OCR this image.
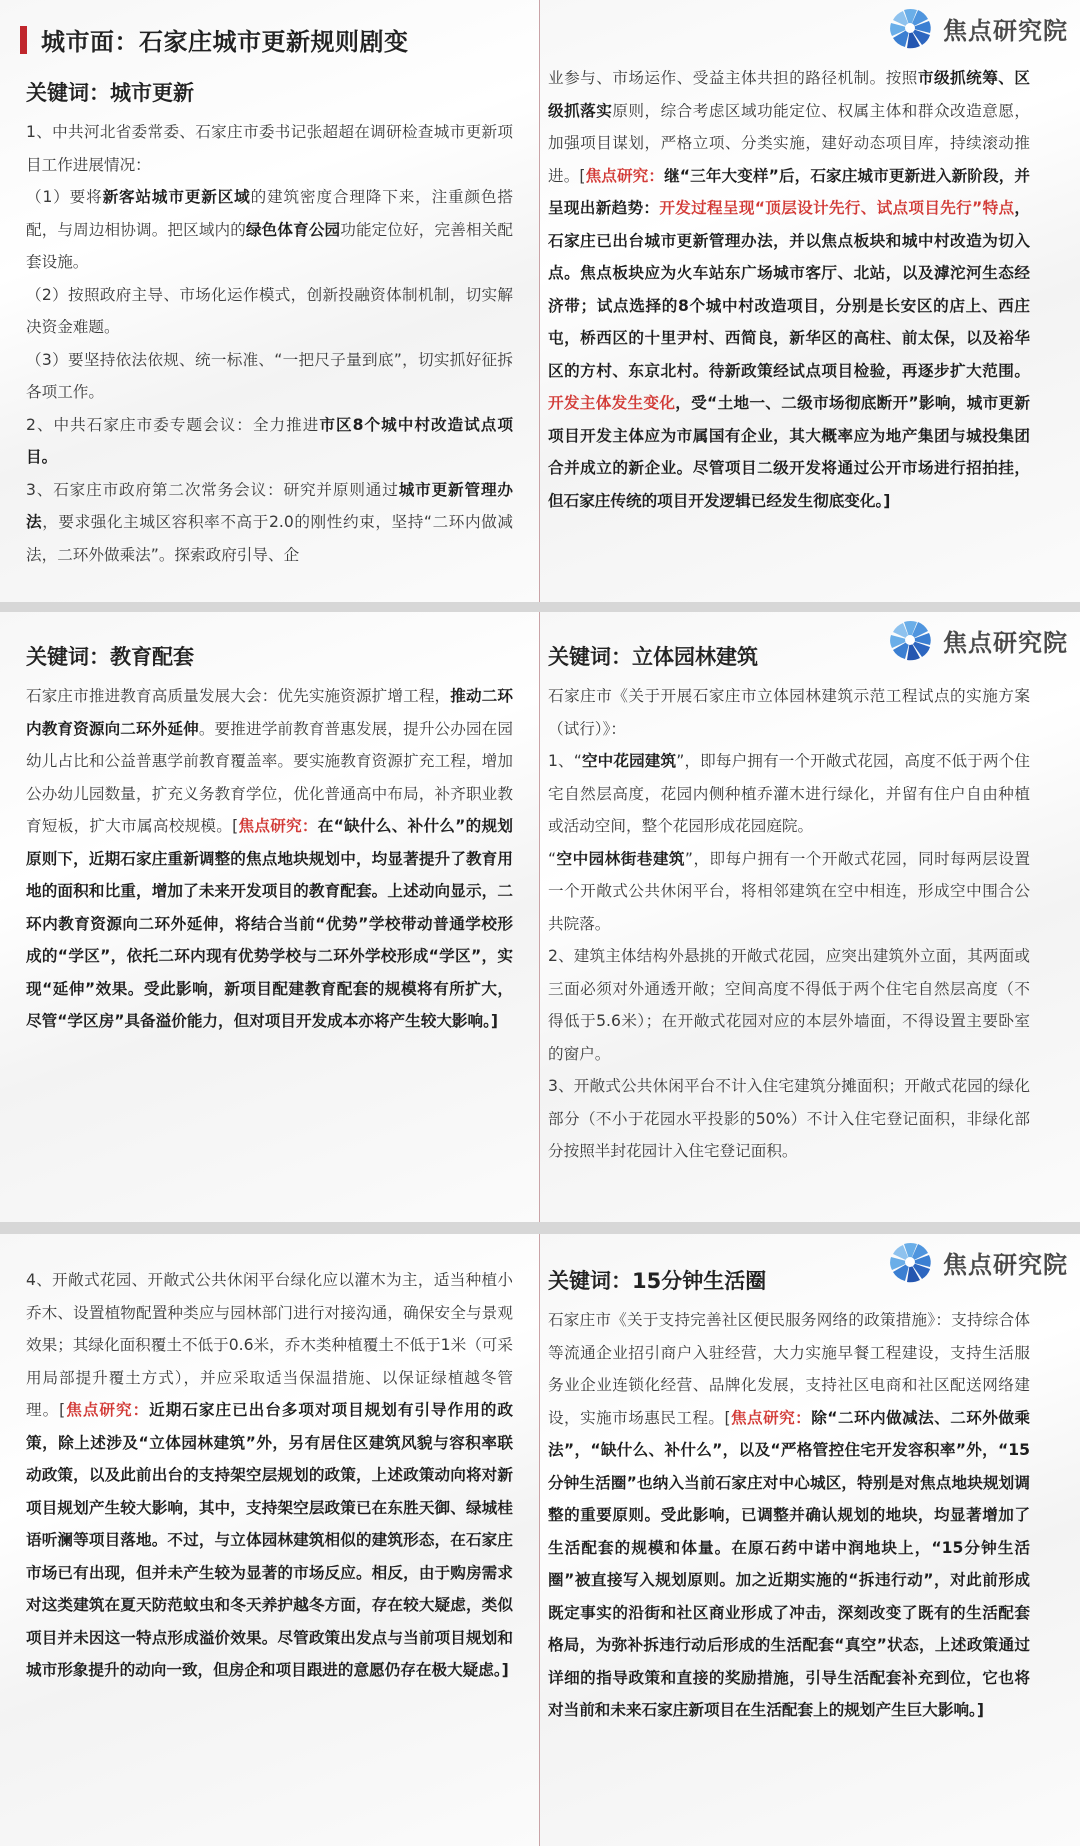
城市面：石家庄城市更新规则剧变
关键词：城市更新
1、中共河北省委常委、石家庄市委书记张超超在调研检查城市更新项目工作进展情况：
（1）要将新客站城市更新区域的建筑密度合理降下来，注重颜色搭配，与周边相协调。把区域内的绿色体育公园功能定位好，完善相关配套设施。
（2）按照政府主导、市场化运作模式，创新投融资体制机制，切实解决资金难题。
（3）要坚持依法依规、统一标准、“一把尺子量到底”，切实抓好征拆各项工作。
2、中共石家庄市委专题会议：全力推进市区8个城中村改造试点项目。
3、石家庄市政府第二次常务会议：研究并原则通过城市更新管理办法，要求强化主城区容积率不高于2.0的刚性约束，坚持“二环内做减法，二环外做乘法”。探索政府引导、企
焦点研究院
业参与、市场运作、受益主体共担的路径机制。按照市级抓统筹、区级抓落实原则，综合考虑区域功能定位、权属主体和群众改造意愿，加强项目谋划，严格立项、分类实施，建好动态项目库，持续滚动推进。[焦点研究：继“三年大变样”后，石家庄城市更新进入新阶段，并呈现出新趋势：开发过程呈现“顶层设计先行、试点项目先行”特点，石家庄已出台城市更新管理办法，并以焦点板块和城中村改造为切入点。焦点板块应为火车站东广场城市客厅、北站，以及滹沱河生态经济带；试点选择的8个城中村改造项目，分别是长安区的店上、西庄屯，桥西区的十里尹村、西简良，新华区的高柱、前太保，以及裕华区的方村、东京北村。待新政策经试点项目检验，再逐步扩大范围。开发主体发生变化，受“土地一、二级市场彻底断开”影响，城市更新项目开发主体应为市属国有企业，其大概率应为地产集团与城投集团合并成立的新企业。尽管项目二级开发将通过公开市场进行招拍挂，但石家庄传统的项目开发逻辑已经发生彻底变化。]
关键词：教育配套
石家庄市推进教育高质量发展大会：优先实施资源扩增工程，推动二环内教育资源向二环外延伸。要推进学前教育普惠发展，提升公办园在园幼儿占比和公益普惠学前教育覆盖率。要实施教育资源扩充工程，增加公办幼儿园数量，扩充义务教育学位，优化普通高中布局，补齐职业教育短板，扩大市属高校规模。[焦点研究：在“缺什么、补什么”的规划原则下，近期石家庄重新调整的焦点地块规划中，均显著提升了教育用地的面积和比重，增加了未来开发项目的教育配套。上述动向显示，二环内教育资源向二环外延伸，将结合当前“优势”学校带动普通学校形成的“学区”，依托二环内现有优势学校与二环外学校形成“学区”，实现“延伸”效果。受此影响，新项目配建教育配套的规模将有所扩大，尽管“学区房”具备溢价能力，但对项目开发成本亦将产生较大影响。]
焦点研究院
关键词：立体园林建筑
石家庄市《关于开展石家庄市立体园林建筑示范工程试点的实施方案（试行）》：
1、“空中花园建筑”，即每户拥有一个开敞式花园，高度不低于两个住宅自然层高度，花园内侧种植乔灌木进行绿化，并留有住户自由种植或活动空间，整个花园形成花园庭院。
“空中园林街巷建筑”，即每户拥有一个开敞式花园，同时每两层设置一个开敞式公共休闲平台，将相邻建筑在空中相连，形成空中围合公共院落。
2、建筑主体结构外悬挑的开敞式花园，应突出建筑外立面，其两面或三面必须对外通透开敞；空间高度不得低于两个住宅自然层高度（不得低于5.6米）；在开敞式花园对应的本层外墙面，不得设置主要卧室的窗户。
3、开敞式公共休闲平台不计入住宅建筑分摊面积；开敞式花园的绿化部分（不小于花园水平投影的50%）不计入住宅登记面积，非绿化部分按照半封花园计入住宅登记面积。
4、开敞式花园、开敞式公共休闲平台绿化应以灌木为主，适当种植小乔木、设置植物配置种类应与园林部门进行对接沟通，确保安全与景观效果；其绿化面积覆土不低于0.6米，乔木类种植覆土不低于1米（可采用局部提升覆土方式），并应采取适当保温措施、以保证绿植越冬管理。[焦点研究：近期石家庄已出台多项对项目规划有引导作用的政策，除上述涉及“立体园林建筑”外，另有居住区建筑风貌与容积率联动政策，以及此前出台的支持架空层规划的政策，上述政策动向将对新项目规划产生较大影响，其中，支持架空层政策已在东胜天御、绿城桂语听澜等项目落地。不过，与立体园林建筑相似的建筑形态，在石家庄市场已有出现，但并未产生较为显著的市场反应。相反，由于购房需求对这类建筑在夏天防范蚊虫和冬天养护越冬方面，存在较大疑虑，类似项目并未因这一特点形成溢价效果。尽管政策出发点与当前项目规划和城市形象提升的动向一致，但房企和项目跟进的意愿仍存在极大疑虑。]
焦点研究院
关键词：15分钟生活圈
石家庄市《关于支持完善社区便民服务网络的政策措施》：支持综合体等流通企业招引商户入驻经营，大力实施早餐工程建设，支持生活服务业企业连锁化经营、品牌化发展，支持社区电商和社区配送网络建设，实施市场惠民工程。[焦点研究：除“二环内做减法、二环外做乘法”，“缺什么、补什么”，以及“严格管控住宅开发容积率”外，“15分钟生活圈”也纳入当前石家庄对中心城区，特别是对焦点地块规划调整的重要原则。受此影响，已调整并确认规划的地块，均显著增加了生活配套的规模和体量。在原石药中诺中润地块上，“15分钟生活圈”被直接写入规划原则。加之近期实施的“拆违行动”，对此前形成既定事实的沿街和社区商业形成了冲击，深刻改变了既有的生活配套格局，为弥补拆违行动后形成的生活配套“真空”状态，上述政策通过详细的指导政策和直接的奖励措施，引导生活配套补充到位，它也将对当前和未来石家庄新项目在生活配套上的规划产生巨大影响。]
